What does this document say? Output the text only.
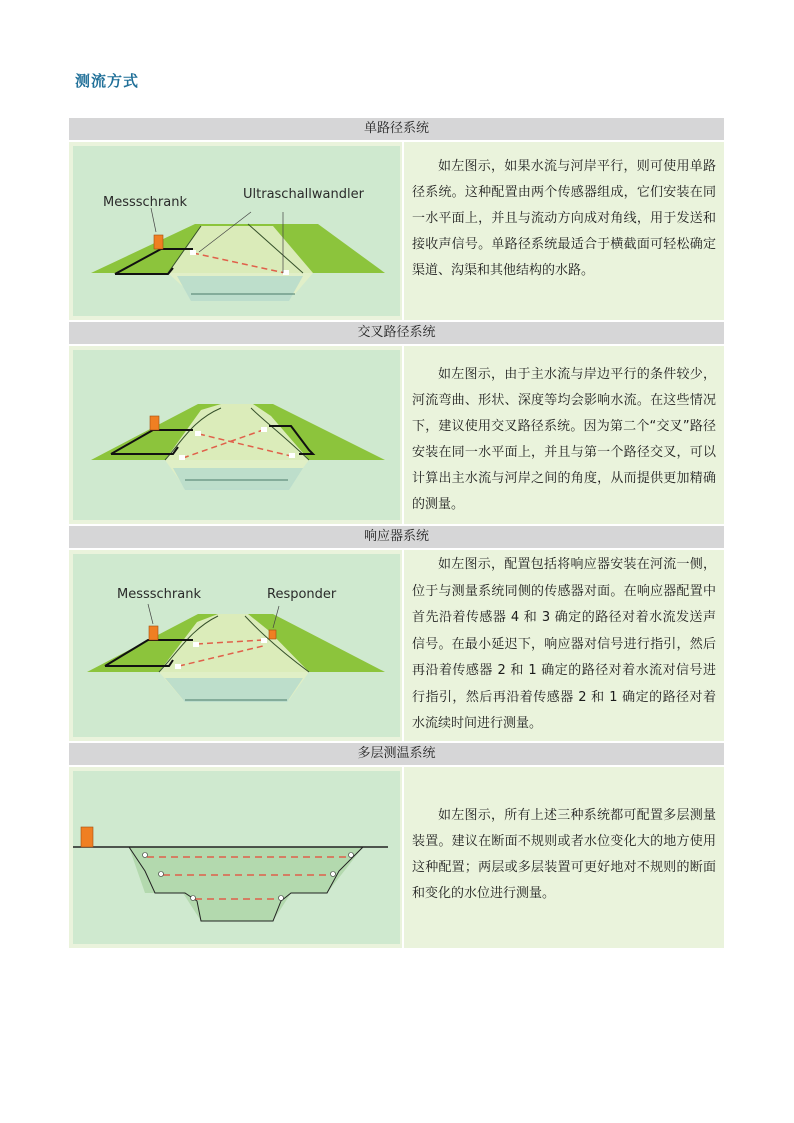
测流方式
单路径系统
Messschrank
Ultraschallwandler
如左图示，如果水流与河岸平行，则可使用单路径系统。这种配置由两个传感器组成，它们安装在同一水平面上，并且与流动方向成对角线，用于发送和接收声信号。单路径系统最适合于横截面可轻松确定渠道、沟渠和其他结构的水路。
交叉路径系统
如左图示，由于主水流与岸边平行的条件较少，河流弯曲、形状、深度等均会影响水流。在这些情况下，建议使用交叉路径系统。因为第二个“交叉”路径安装在同一水平面上，并且与第一个路径交叉，可以计算出主水流与河岸之间的角度，从而提供更加精确的测量。
响应器系统
Messschrank	Responder
如左图示，配置包括将响应器安装在河流一侧，位于与测量系统同侧的传感器对面。在响应器配置中首先沿着传感器 4 和 3 确定的路径对着水流发送声信号。在最小延迟下，响应器对信号进行指引，然后再沿着传感器 2 和 1 确定的路径对着水流对信号进行指引，然后再沿着传感器 2 和 1 确定的路径对着水流续时间进行测量。
多层测温系统
如左图示，所有上述三种系统都可配置多层测量装置。建议在断面不规则或者水位变化大的地方使用这种配置；两层或多层装置可更好地对不规则的断面和变化的水位进行测量。
